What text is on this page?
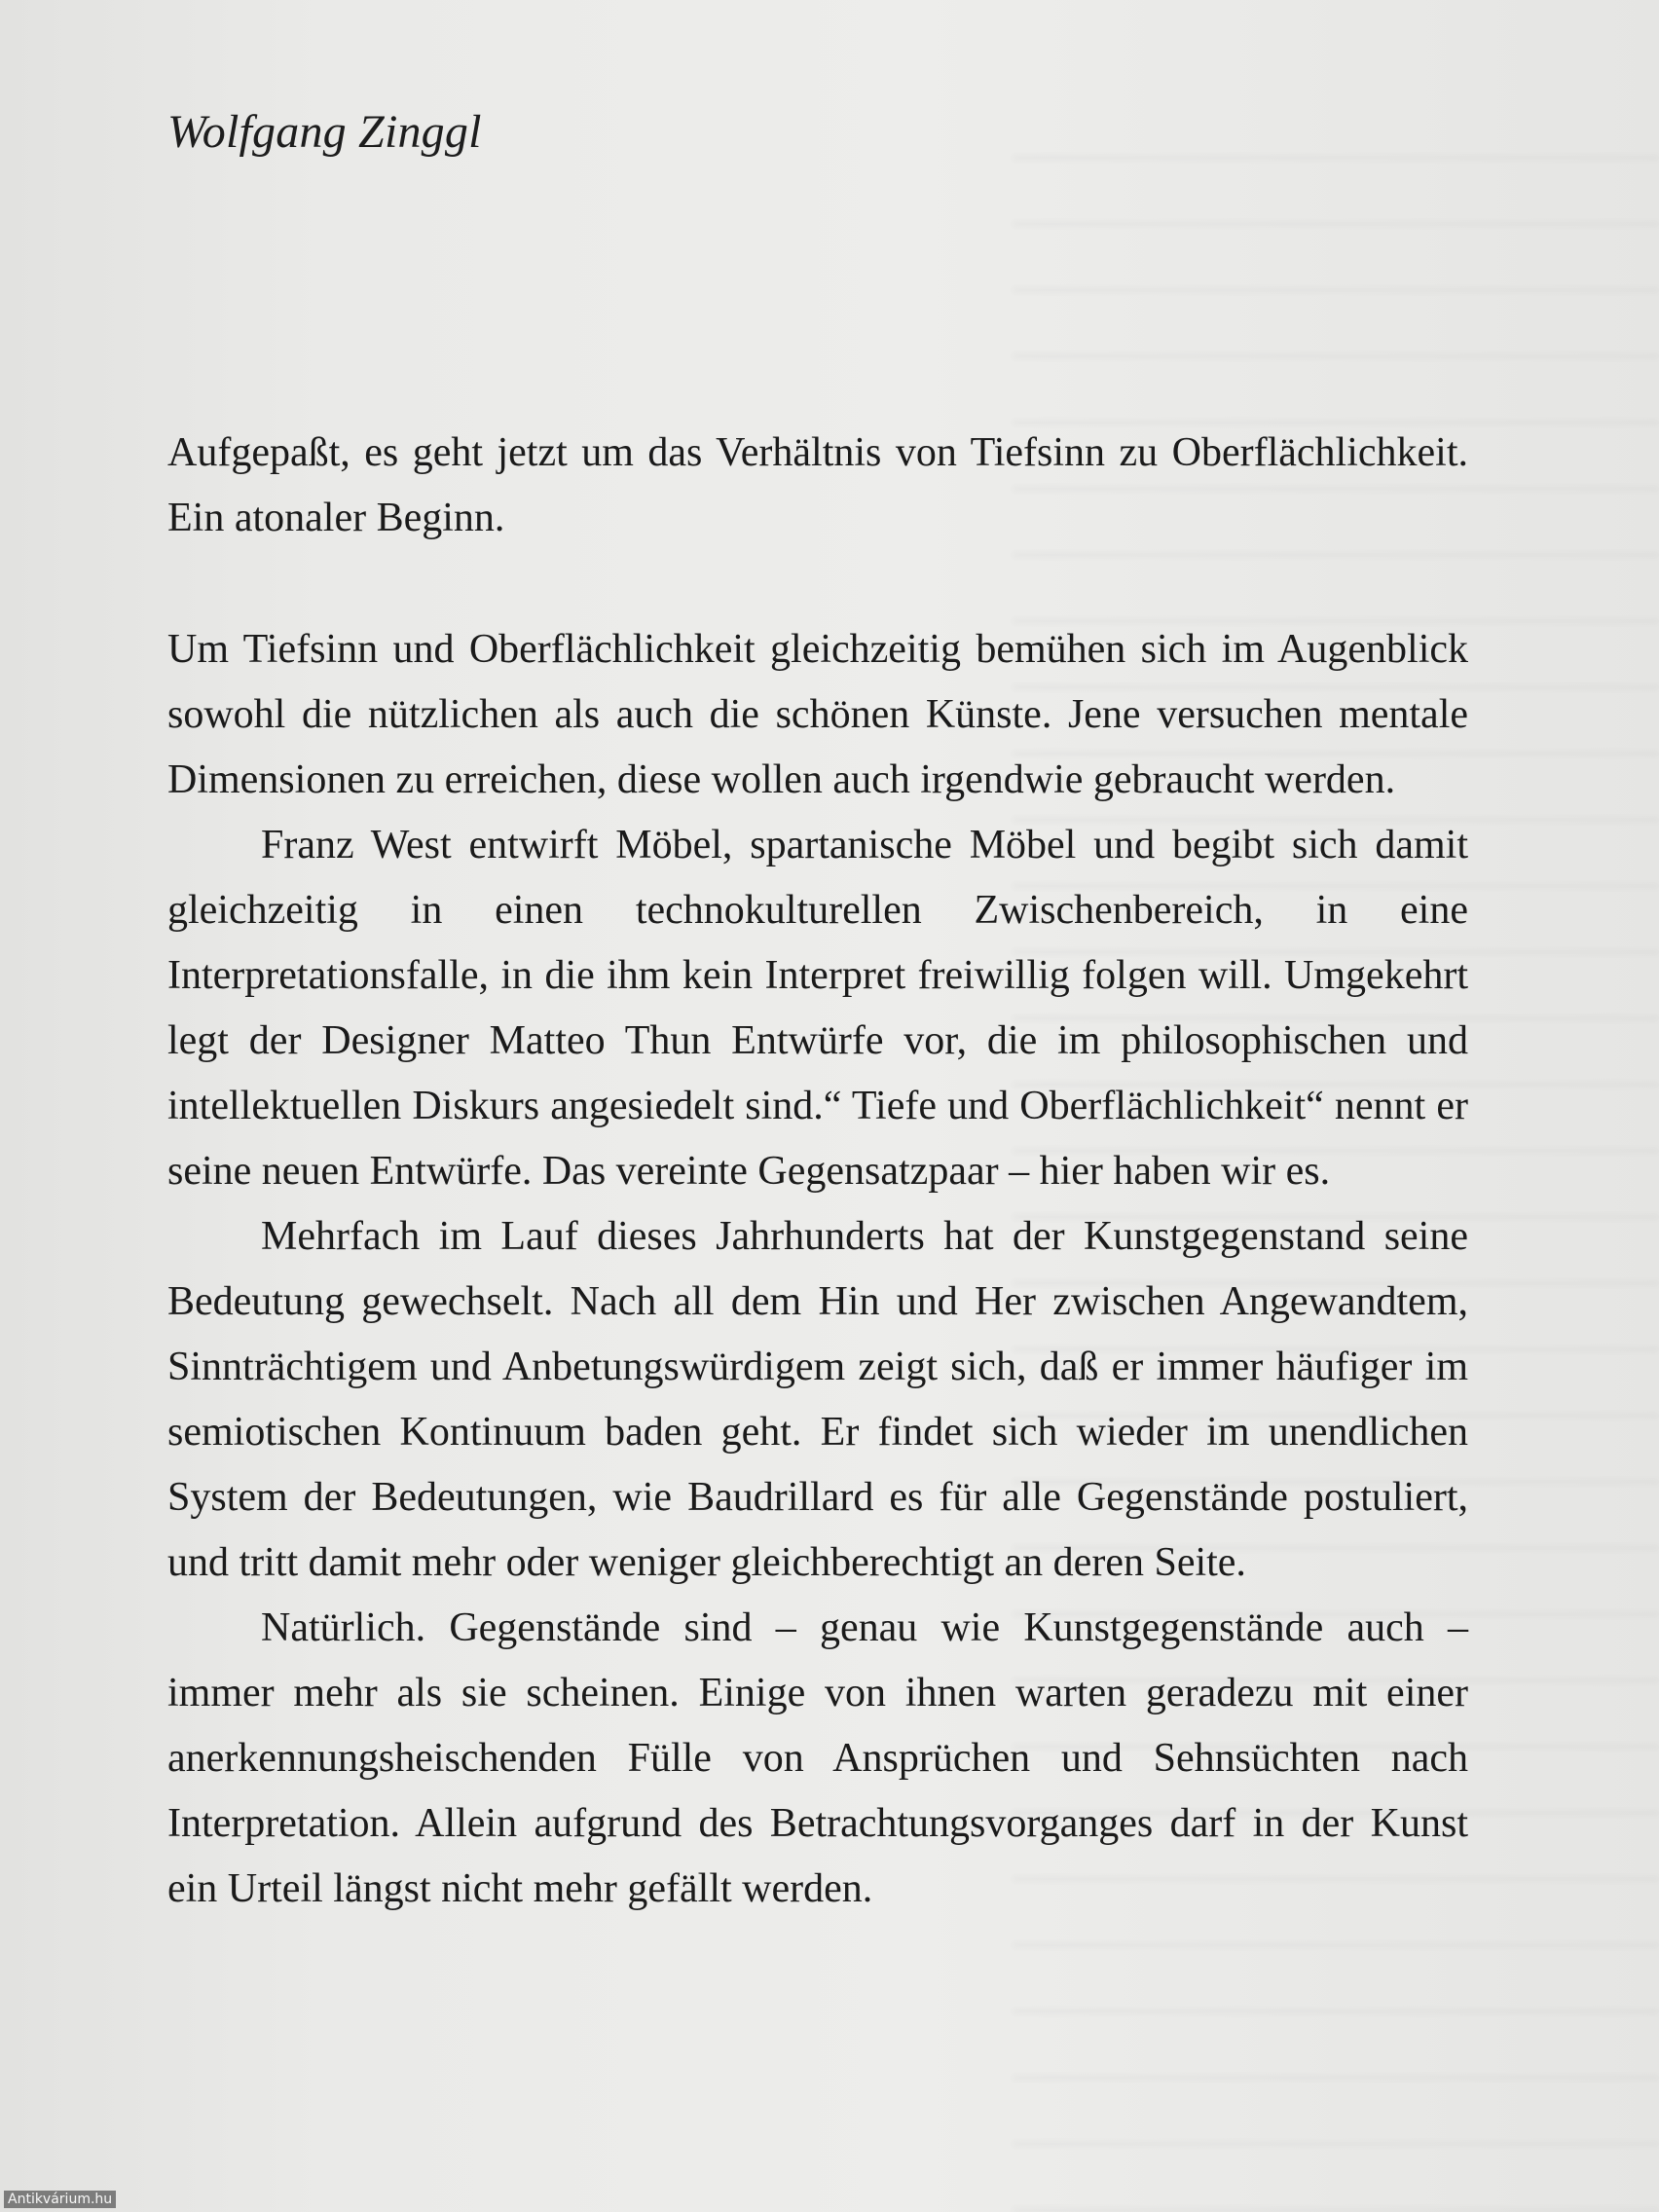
Wolfgang Zinggl

Aufgepaßt, es geht jetzt um das Verhältnis von Tiefsinn zu Oberflächlichkeit. Ein atonaler Beginn.

Um Tiefsinn und Oberflächlichkeit gleichzeitig bemühen sich im Augenblick sowohl die nützlichen als auch die schönen Künste. Jene versuchen mentale Dimensionen zu erreichen, diese wollen auch irgendwie gebraucht werden.

Franz West entwirft Möbel, spartanische Möbel und begibt sich damit gleichzeitig in einen technokulturellen Zwischenbereich, in eine Interpretationsfalle, in die ihm kein Interpret freiwillig folgen will. Umgekehrt legt der Designer Matteo Thun Entwürfe vor, die im philosophischen und intellektuellen Diskurs angesiedelt sind.“ Tiefe und Oberflächlichkeit“ nennt er seine neuen Entwürfe. Das vereinte Gegensatzpaar – hier haben wir es.

Mehrfach im Lauf dieses Jahrhunderts hat der Kunstgegenstand seine Bedeutung gewechselt. Nach all dem Hin und Her zwischen Angewandtem, Sinnträchtigem und Anbetungswürdigem zeigt sich, daß er immer häufiger im semiotischen Kontinuum baden geht. Er findet sich wieder im unendlichen System der Bedeutungen, wie Baudrillard es für alle Gegenstände postuliert, und tritt damit mehr oder weniger gleichberechtigt an deren Seite.

Natürlich. Gegenstände sind – genau wie Kunstgegenstände auch – immer mehr als sie scheinen. Einige von ihnen warten geradezu mit einer anerkennungsheischenden Fülle von Ansprüchen und Sehnsüchten nach Interpretation. Allein aufgrund des Betrachtungsvorganges darf in der Kunst ein Urteil längst nicht mehr gefällt werden.

Antikvárium.hu
